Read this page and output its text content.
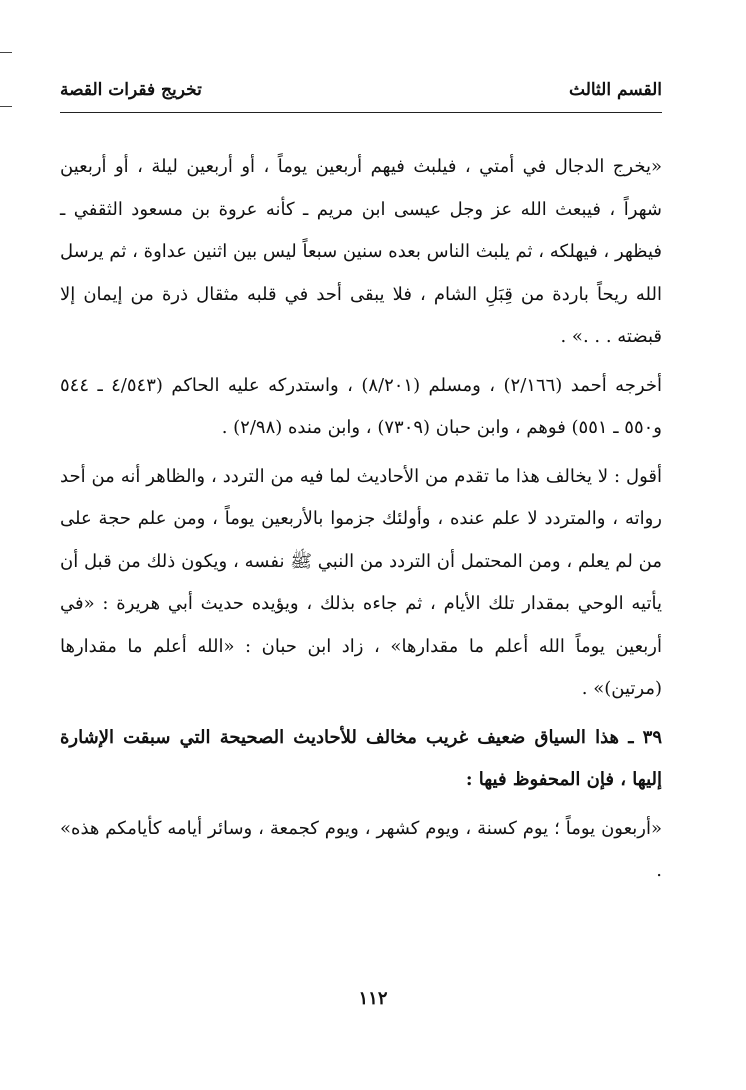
القسم الثالث
تخريج فقرات القصة

«يخرج الدجال في أمتي ، فيلبث فيهم أربعين يوماً ، أو أربعين ليلة ، أو أربعين شهراً ، فيبعث الله عز وجل عيسى ابن مريم ـ كأنه عروة بن مسعود الثقفي ـ فيظهر ، فيهلكه ، ثم يلبث الناس بعده سنين سبعاً ليس بين اثنين عداوة ، ثم يرسل الله ريحاً باردة من قِبَلِ الشام ، فلا يبقى أحد في قلبه مثقال ذرة من إيمان إلا قبضته . . .» .

أخرجه أحمد (٢/١٦٦) ، ومسلم (٨/٢٠١) ، واستدركه عليه الحاكم (٤/٥٤٣ ـ ٥٤٤ و٥٥٠ ـ ٥٥١) فوهم ، وابن حبان (٧٣٠٩) ، وابن منده (٢/٩٨) .

أقول : لا يخالف هذا ما تقدم من الأحاديث لما فيه من التردد ، والظاهر أنه من أحد رواته ، والمتردد لا علم عنده ، وأولئك جزموا بالأربعين يوماً ، ومن علم حجة على من لم يعلم ، ومن المحتمل أن التردد من النبي ﷺ نفسه ، ويكون ذلك من قبل أن يأتيه الوحي بمقدار تلك الأيام ، ثم جاءه بذلك ، ويؤيده حديث أبي هريرة : «في أربعين يوماً الله أعلم ما مقدارها» ، زاد ابن حبان : «الله أعلم ما مقدارها (مرتين)» .

٣٩ ـ هذا السياق ضعيف غريب مخالف للأحاديث الصحيحة التي سبقت الإشارة إليها ، فإن المحفوظ فيها :

«أربعون يوماً ؛ يوم كسنة ، ويوم كشهر ، ويوم كجمعة ، وسائر أيامه كأيامكم هذه» .

١١٢
